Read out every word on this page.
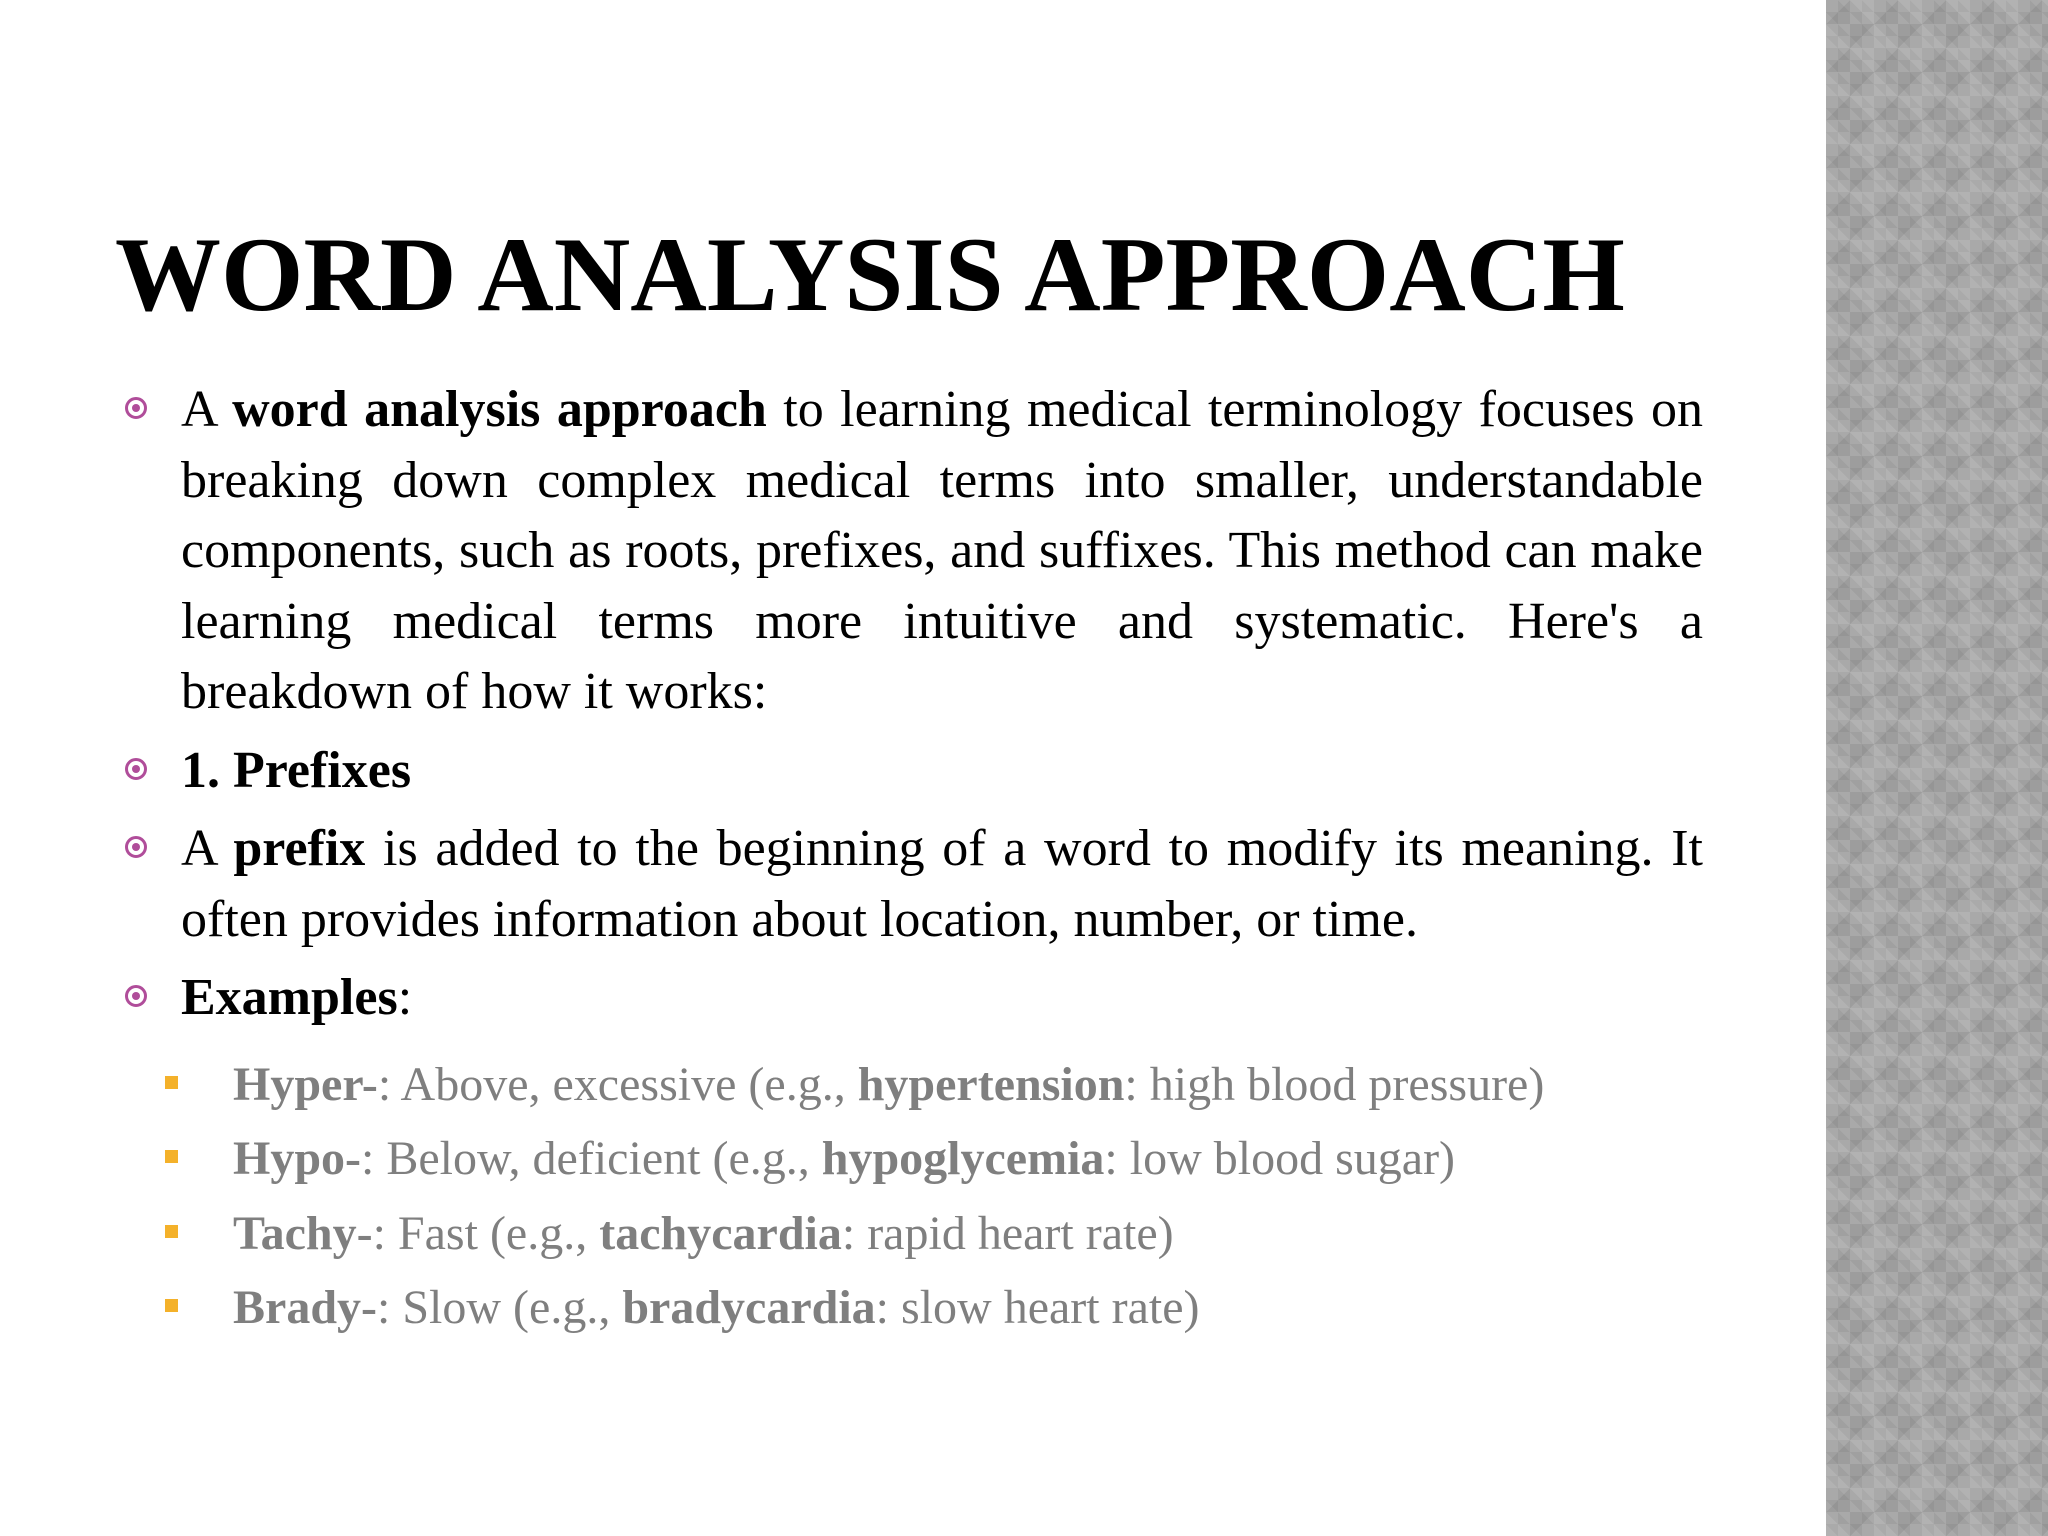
WORD ANALYSIS APPROACH
A word analysis approach to learning medical terminology focuses on breaking down complex medical terms into smaller, understandable components, such as roots, prefixes, and suffixes. This method can make learning medical terms more intuitive and systematic. Here's a breakdown of how it works:
1. Prefixes
A prefix is added to the beginning of a word to modify its meaning. It often provides information about location, number, or time.
Examples:
Hyper-: Above, excessive (e.g., hypertension: high blood pressure)
Hypo-: Below, deficient (e.g., hypoglycemia: low blood sugar)
Tachy-: Fast (e.g., tachycardia: rapid heart rate)
Brady-: Slow (e.g., bradycardia: slow heart rate)
